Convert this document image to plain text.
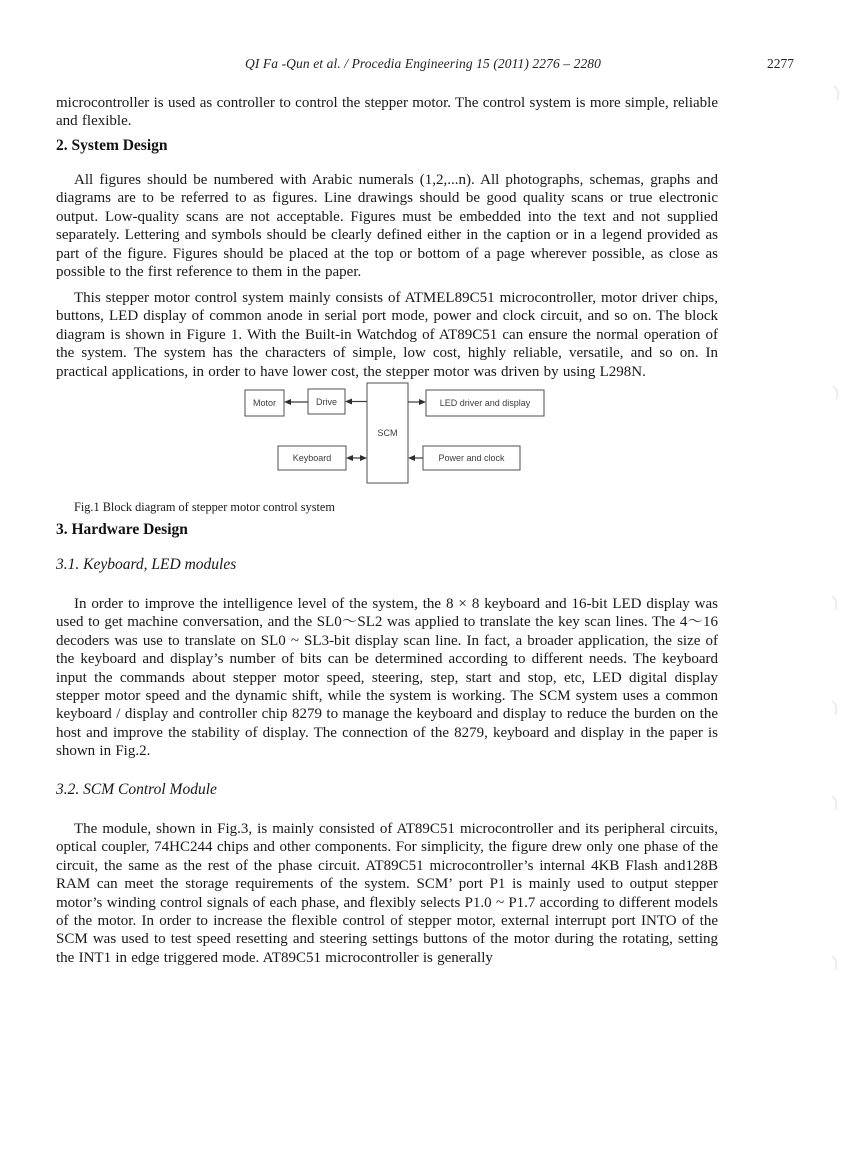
QI Fa -Qun et al. / Procedia Engineering 15 (2011) 2276 – 2280	2277
microcontroller is used as controller to control the stepper motor. The control system is more simple, reliable and flexible.
2. System Design
All figures should be numbered with Arabic numerals (1,2,...n). All photographs, schemas, graphs and diagrams are to be referred to as figures. Line drawings should be good quality scans or true electronic output. Low-quality scans are not acceptable. Figures must be embedded into the text and not supplied separately. Lettering and symbols should be clearly defined either in the caption or in a legend provided as part of the figure. Figures should be placed at the top or bottom of a page wherever possible, as close as possible to the first reference to them in the paper.
This stepper motor control system mainly consists of ATMEL89C51 microcontroller, motor driver chips, buttons, LED display of common anode in serial port mode, power and clock circuit, and so on. The block diagram is shown in Figure 1. With the Built-in Watchdog of AT89C51 can ensure the normal operation of the system. The system has the characters of simple, low cost, highly reliable, versatile, and so on. In practical applications, in order to have lower cost, the stepper motor was driven by using L298N.
Motor	Drive
SCM
LED driver and display
Keyboard	Power and clock
Fig.1 Block diagram of stepper motor control system
3. Hardware Design
3.1. Keyboard, LED modules
In order to improve the intelligence level of the system, the 8 × 8 keyboard and 16-bit LED display was used to get machine conversation, and the SL0～SL2 was applied to translate the key scan lines. The 4～16 decoders was use to translate on SL0 ~ SL3-bit display scan line. In fact, a broader application, the size of the keyboard and display’s number of bits can be determined according to different needs. The keyboard input the commands about stepper motor speed, steering, step, start and stop, etc, LED digital display stepper motor speed and the dynamic shift, while the system is working. The SCM system uses a common keyboard / display and controller chip 8279 to manage the keyboard and display to reduce the burden on the host and improve the stability of display. The connection of the 8279, keyboard and display in the paper is shown in Fig.2.
3.2. SCM Control Module
The module, shown in Fig.3, is mainly consisted of AT89C51 microcontroller and its peripheral circuits, optical coupler, 74HC244 chips and other components. For simplicity, the figure drew only one phase of the circuit, the same as the rest of the phase circuit. AT89C51 microcontroller’s internal 4KB Flash and128B RAM can meet the storage requirements of the system. SCM’ port P1 is mainly used to output stepper motor’s winding control signals of each phase, and flexibly selects P1.0 ~ P1.7 according to different models of the motor. In order to increase the flexible control of stepper motor, external interrupt port INTO of the SCM was used to test speed resetting and steering settings buttons of the motor during the rotating, setting the INT1 in edge triggered mode. AT89C51 microcontroller is generally
